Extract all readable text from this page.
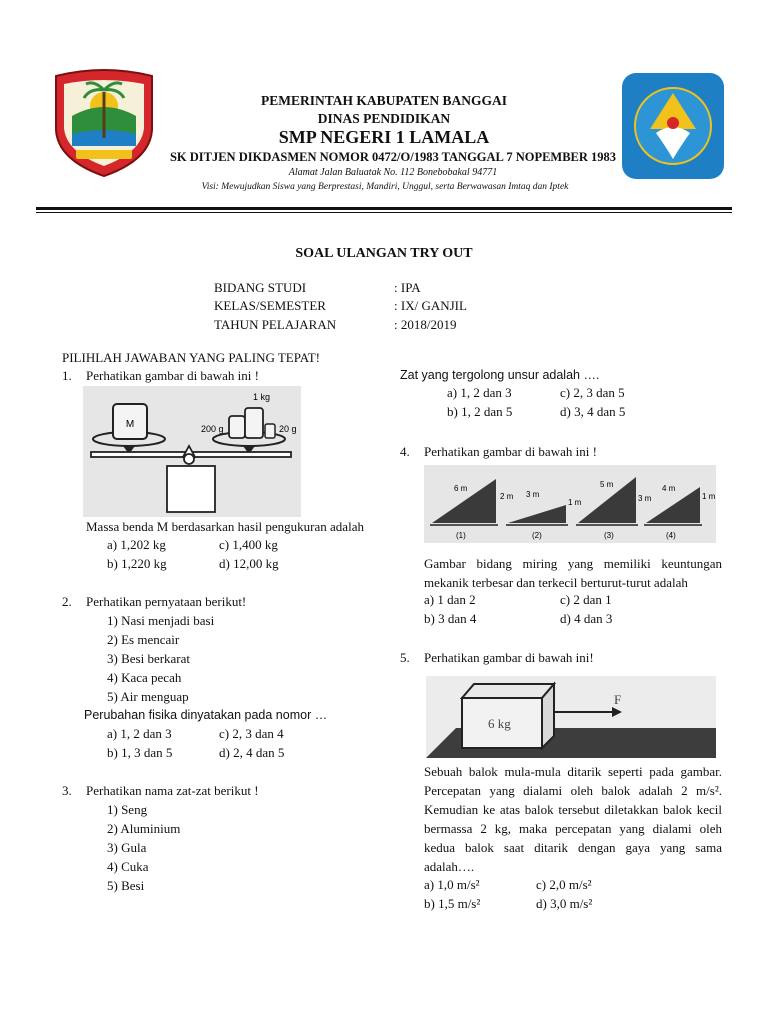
PEMERINTAH KABUPATEN BANGGAI
DINAS PENDIDIKAN
SMP NEGERI 1 LAMALA
SK DITJEN DIKDASMEN NOMOR 0472/O/1983 TANGGAL 7 NOPEMBER 1983
Alamat Jalan Baluatak No. 112 Bonebobakal 94771
Visi: Mewujudkan Siswa yang Berprestasi, Mandiri, Unggul, serta Berwawasan Imtaq dan Iptek
SOAL ULANGAN TRY OUT
BIDANG STUDI	: IPA
KELAS/SEMESTER	: IX/ GANJIL
TAHUN PELAJARAN	: 2018/2019
PILIHLAH JAWABAN YANG PALING TEPAT!
1. Perhatikan gambar di bawah ini !
M
1 kg
200 g	20 g
Massa benda M berdasarkan hasil pengukuran adalah
a) 1,202 kg	c) 1,400 kg
b) 1,220 kg	d) 12,00 kg
2. Perhatikan pernyataan berikut!
1) Nasi menjadi basi
2) Es mencair
3) Besi berkarat
4) Kaca pecah
5) Air menguap
Perubahan fisika dinyatakan pada nomor …
a) 1, 2 dan 3	c) 2, 3 dan 4
b) 1, 3 dan 5	d) 2, 4 dan 5
3. Perhatikan nama zat-zat berikut !
1) Seng
2) Aluminium
3) Gula
4) Cuka
5) Besi
Zat yang tergolong unsur adalah ….
a) 1, 2 dan 3	c) 2, 3 dan 5
b) 1, 2 dan 5	d) 3, 4 dan 5
4. Perhatikan gambar di bawah ini !
6 m
2 m
(1)
3 m
1 m
(2)
5 m
3 m
(3)
4 m
1 m
(4)
Gambar bidang miring yang memiliki keuntungan mekanik terbesar dan terkecil berturut-turut adalah
a) 1 dan 2	c) 2 dan 1
b) 3 dan 4	d) 4 dan 3
5. Perhatikan gambar di bawah ini!
6 kg
F
Sebuah balok mula-mula ditarik seperti pada gambar. Percepatan yang dialami oleh balok adalah 2 m/s². Kemudian ke atas balok tersebut diletakkan balok kecil bermassa 2 kg, maka percepatan yang dialami oleh kedua balok saat ditarik dengan gaya yang sama adalah….
a) 1,0 m/s²	c) 2,0 m/s²
b) 1,5 m/s²	d) 3,0 m/s²
